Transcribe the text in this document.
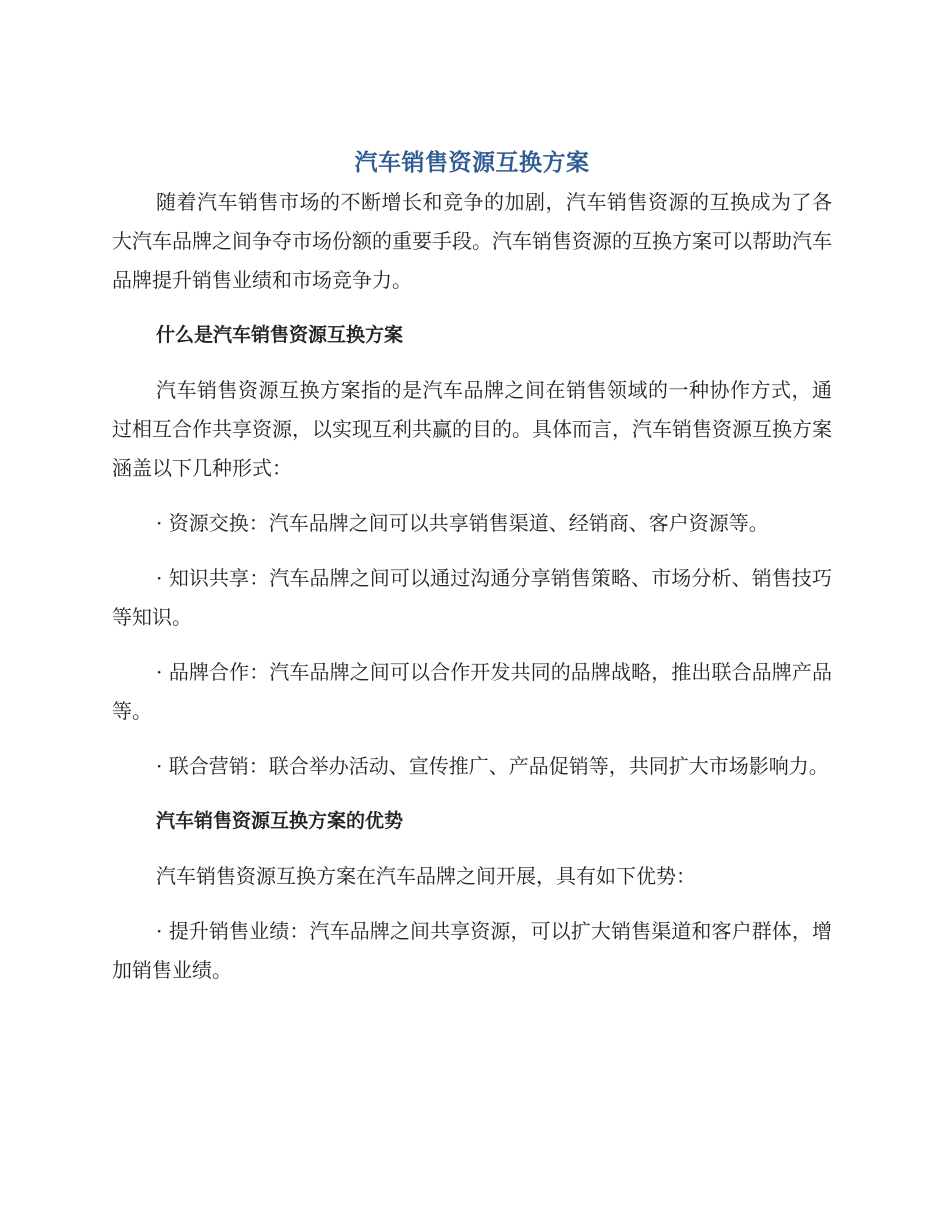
汽车销售资源互换方案

随着汽车销售市场的不断增长和竞争的加剧，汽车销售资源的互换成为了各大汽车品牌之间争夺市场份额的重要手段。汽车销售资源的互换方案可以帮助汽车品牌提升销售业绩和市场竞争力。

什么是汽车销售资源互换方案

汽车销售资源互换方案指的是汽车品牌之间在销售领域的一种协作方式，通过相互合作共享资源，以实现互利共赢的目的。具体而言，汽车销售资源互换方案涵盖以下几种形式：

· 资源交换：汽车品牌之间可以共享销售渠道、经销商、客户资源等。

· 知识共享：汽车品牌之间可以通过沟通分享销售策略、市场分析、销售技巧等知识。

· 品牌合作：汽车品牌之间可以合作开发共同的品牌战略，推出联合品牌产品等。

· 联合营销：联合举办活动、宣传推广、产品促销等，共同扩大市场影响力。

汽车销售资源互换方案的优势

汽车销售资源互换方案在汽车品牌之间开展，具有如下优势：

· 提升销售业绩：汽车品牌之间共享资源，可以扩大销售渠道和客户群体，增加销售业绩。
